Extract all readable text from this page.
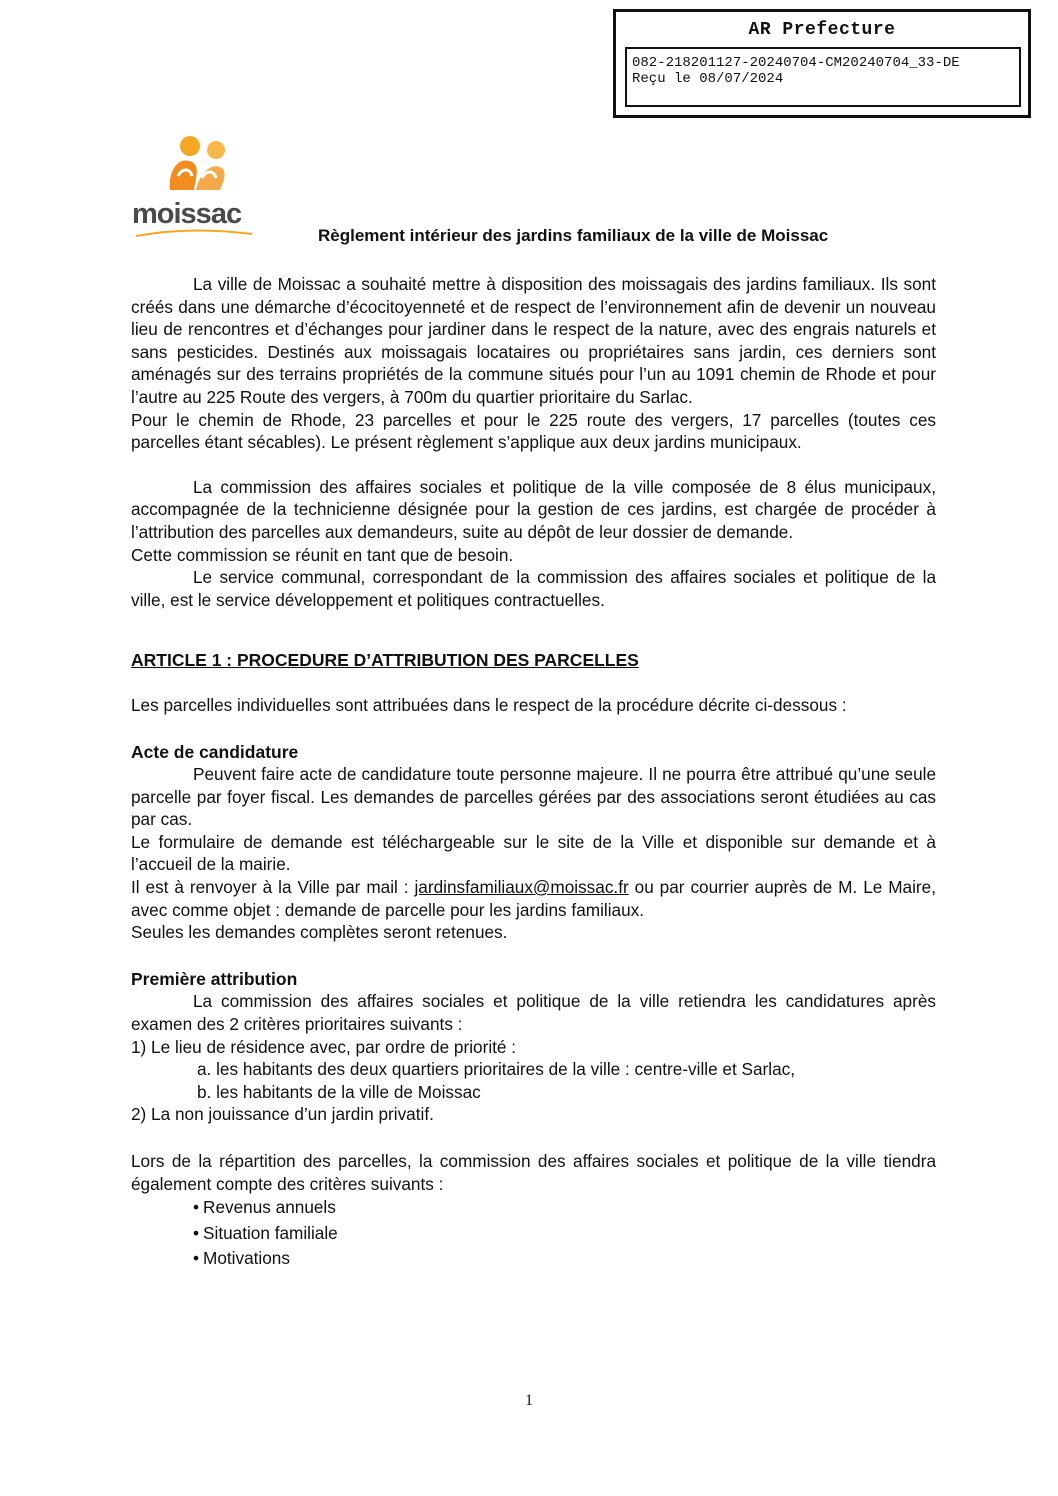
AR Prefecture
082-218201127-20240704-CM20240704_33-DE
Reçu le 08/07/2024
moissac
Règlement intérieur des jardins familiaux de la ville de Moissac

La ville de Moissac a souhaité mettre à disposition des moissagais des jardins familiaux. Ils sont créés dans une démarche d’écocitoyenneté et de respect de l’environnement afin de devenir un nouveau lieu de rencontres et d’échanges pour jardiner dans le respect de la nature, avec des engrais naturels et sans pesticides. Destinés aux moissagais locataires ou propriétaires sans jardin, ces derniers sont aménagés sur des terrains propriétés de la commune situés pour l’un au 1091 chemin de Rhode et pour l’autre au 225 Route des vergers, à 700m du quartier prioritaire du Sarlac.

Pour le chemin de Rhode, 23 parcelles et pour le 225 route des vergers, 17 parcelles (toutes ces parcelles étant sécables). Le présent règlement s’applique aux deux jardins municipaux.

La commission des affaires sociales et politique de la ville composée de 8 élus municipaux, accompagnée de la technicienne désignée pour la gestion de ces jardins, est chargée de procéder à l’attribution des parcelles aux demandeurs, suite au dépôt de leur dossier de demande.

Cette commission se réunit en tant que de besoin.

Le service communal, correspondant de la commission des affaires sociales et politique de la ville, est le service développement et politiques contractuelles.

ARTICLE 1 : PROCEDURE D’ATTRIBUTION DES PARCELLES

Les parcelles individuelles sont attribuées dans le respect de la procédure décrite ci-dessous :

Acte de candidature

Peuvent faire acte de candidature toute personne majeure. Il ne pourra être attribué qu’une seule parcelle par foyer fiscal. Les demandes de parcelles gérées par des associations seront étudiées au cas par cas.

Le formulaire de demande est téléchargeable sur le site de la Ville et disponible sur demande et à l’accueil de la mairie.

Il est à renvoyer à la Ville par mail : jardinsfamiliaux@moissac.fr ou par courrier auprès de M. Le Maire, avec comme objet : demande de parcelle pour les jardins familiaux.

Seules les demandes complètes seront retenues.

Première attribution

La commission des affaires sociales et politique de la ville retiendra les candidatures après examen des 2 critères prioritaires suivants :

1) Le lieu de résidence avec, par ordre de priorité :

a. les habitants des deux quartiers prioritaires de la ville : centre-ville et Sarlac,

b. les habitants de la ville de Moissac

2) La non jouissance d’un jardin privatif.

Lors de la répartition des parcelles, la commission des affaires sociales et politique de la ville tiendra également compte des critères suivants :

• Revenus annuels
• Situation familiale
• Motivations
1
